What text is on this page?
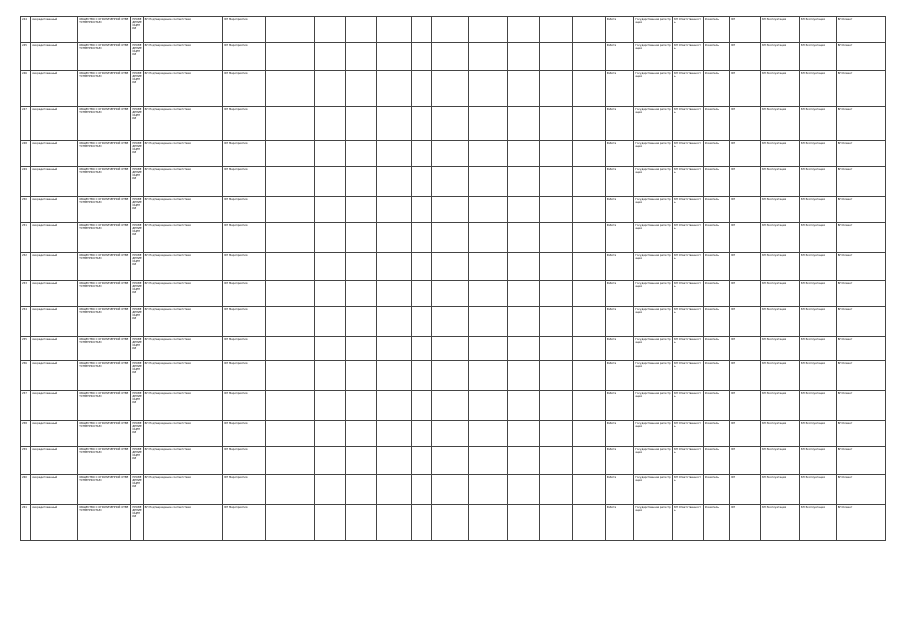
244	Аккредитованный	ОБЩЕСТВО С ОГРАНИЧЕННОЙ ОТВЕТСТВЕННОСТЬЮ	ПРОВЕДЕНИЕ ОЦЕНКИ	БП Подтверждение соответствия	БП Мероприятия											Работа	Государственная регистрация	БП Ответственность	Указатель	БП	БП Эксплуатация	БП Эксплуатация	БП Клиент
245	Аккредитованный	ОБЩЕСТВО С ОГРАНИЧЕННОЙ ОТВЕТСТВЕННОСТЬЮ	ПРОВЕДЕНИЕ ОЦЕНКИ	БП Подтверждение соответствия	БП Мероприятия											Работа	Государственная регистрация	БП Ответственность	Указатель	БП	БП Эксплуатация	БП Эксплуатация	БП Клиент
246	Аккредитованный	ОБЩЕСТВО С ОГРАНИЧЕННОЙ ОТВЕТСТВЕННОСТЬЮ	ПРОВЕДЕНИЕ ОЦЕНКИ	БП Подтверждение соответствия	БП Мероприятия											Работа	Государственная регистрация	БП Ответственность	Указатель	БП	БП Эксплуатация	БП Эксплуатация	БП Клиент
247	Аккредитованный	ОБЩЕСТВО С ОГРАНИЧЕННОЙ ОТВЕТСТВЕННОСТЬЮ	ПРОВЕДЕНИЕ ОЦЕНКИ	БП Подтверждение соответствия	БП Мероприятия											Работа	Государственная регистрация	БП Ответственность	Указатель	БП	БП Эксплуатация	БП Эксплуатация	БП Клиент
248	Аккредитованный	ОБЩЕСТВО С ОГРАНИЧЕННОЙ ОТВЕТСТВЕННОСТЬЮ	ПРОВЕДЕНИЕ ОЦЕНКИ	БП Подтверждение соответствия	БП Мероприятия											Работа	Государственная регистрация	БП Ответственность	Указатель	БП	БП Эксплуатация	БП Эксплуатация	БП Клиент
249	Аккредитованный	ОБЩЕСТВО С ОГРАНИЧЕННОЙ ОТВЕТСТВЕННОСТЬЮ	ПРОВЕДЕНИЕ ОЦЕНКИ	БП Подтверждение соответствия	БП Мероприятия											Работа	Государственная регистрация	БП Ответственность	Указатель	БП	БП Эксплуатация	БП Эксплуатация	БП Клиент
250	Аккредитованный	ОБЩЕСТВО С ОГРАНИЧЕННОЙ ОТВЕТСТВЕННОСТЬЮ	ПРОВЕДЕНИЕ ОЦЕНКИ	БП Подтверждение соответствия	БП Мероприятия											Работа	Государственная регистрация	БП Ответственность	Указатель	БП	БП Эксплуатация	БП Эксплуатация	БП Клиент
251	Аккредитованный	ОБЩЕСТВО С ОГРАНИЧЕННОЙ ОТВЕТСТВЕННОСТЬЮ	ПРОВЕДЕНИЕ ОЦЕНКИ	БП Подтверждение соответствия	БП Мероприятия											Работа	Государственная регистрация	БП Ответственность	Указатель	БП	БП Эксплуатация	БП Эксплуатация	БП Клиент
252	Аккредитованный	ОБЩЕСТВО С ОГРАНИЧЕННОЙ ОТВЕТСТВЕННОСТЬЮ	ПРОВЕДЕНИЕ ОЦЕНКИ	БП Подтверждение соответствия	БП Мероприятия											Работа	Государственная регистрация	БП Ответственность	Указатель	БП	БП Эксплуатация	БП Эксплуатация	БП Клиент
253	Аккредитованный	ОБЩЕСТВО С ОГРАНИЧЕННОЙ ОТВЕТСТВЕННОСТЬЮ	ПРОВЕДЕНИЕ ОЦЕНКИ	БП Подтверждение соответствия	БП Мероприятия											Работа	Государственная регистрация	БП Ответственность	Указатель	БП	БП Эксплуатация	БП Эксплуатация	БП Клиент
254	Аккредитованный	ОБЩЕСТВО С ОГРАНИЧЕННОЙ ОТВЕТСТВЕННОСТЬЮ	ПРОВЕДЕНИЕ ОЦЕНКИ	БП Подтверждение соответствия	БП Мероприятия											Работа	Государственная регистрация	БП Ответственность	Указатель	БП	БП Эксплуатация	БП Эксплуатация	БП Клиент
255	Аккредитованный	ОБЩЕСТВО С ОГРАНИЧЕННОЙ ОТВЕТСТВЕННОСТЬЮ	ПРОВЕДЕНИЕ ОЦЕНКИ	БП Подтверждение соответствия	БП Мероприятия											Работа	Государственная регистрация	БП Ответственность	Указатель	БП	БП Эксплуатация	БП Эксплуатация	БП Клиент
256	Аккредитованный	ОБЩЕСТВО С ОГРАНИЧЕННОЙ ОТВЕТСТВЕННОСТЬЮ	ПРОВЕДЕНИЕ ОЦЕНКИ	БП Подтверждение соответствия	БП Мероприятия											Работа	Государственная регистрация	БП Ответственность	Указатель	БП	БП Эксплуатация	БП Эксплуатация	БП Клиент
257	Аккредитованный	ОБЩЕСТВО С ОГРАНИЧЕННОЙ ОТВЕТСТВЕННОСТЬЮ	ПРОВЕДЕНИЕ ОЦЕНКИ	БП Подтверждение соответствия	БП Мероприятия											Работа	Государственная регистрация	БП Ответственность	Указатель	БП	БП Эксплуатация	БП Эксплуатация	БП Клиент
258	Аккредитованный	ОБЩЕСТВО С ОГРАНИЧЕННОЙ ОТВЕТСТВЕННОСТЬЮ	ПРОВЕДЕНИЕ ОЦЕНКИ	БП Подтверждение соответствия	БП Мероприятия											Работа	Государственная регистрация	БП Ответственность	Указатель	БП	БП Эксплуатация	БП Эксплуатация	БП Клиент
259	Аккредитованный	ОБЩЕСТВО С ОГРАНИЧЕННОЙ ОТВЕТСТВЕННОСТЬЮ	ПРОВЕДЕНИЕ ОЦЕНКИ	БП Подтверждение соответствия	БП Мероприятия											Работа	Государственная регистрация	БП Ответственность	Указатель	БП	БП Эксплуатация	БП Эксплуатация	БП Клиент
260	Аккредитованный	ОБЩЕСТВО С ОГРАНИЧЕННОЙ ОТВЕТСТВЕННОСТЬЮ	ПРОВЕДЕНИЕ ОЦЕНКИ	БП Подтверждение соответствия	БП Мероприятия											Работа	Государственная регистрация	БП Ответственность	Указатель	БП	БП Эксплуатация	БП Эксплуатация	БП Клиент
261	Аккредитованный	ОБЩЕСТВО С ОГРАНИЧЕННОЙ ОТВЕТСТВЕННОСТЬЮ	ПРОВЕДЕНИЕ ОЦЕНКИ	БП Подтверждение соответствия	БП Мероприятия											Работа	Государственная регистрация	БП Ответственность	Указатель	БП	БП Эксплуатация	БП Эксплуатация	БП Клиент
